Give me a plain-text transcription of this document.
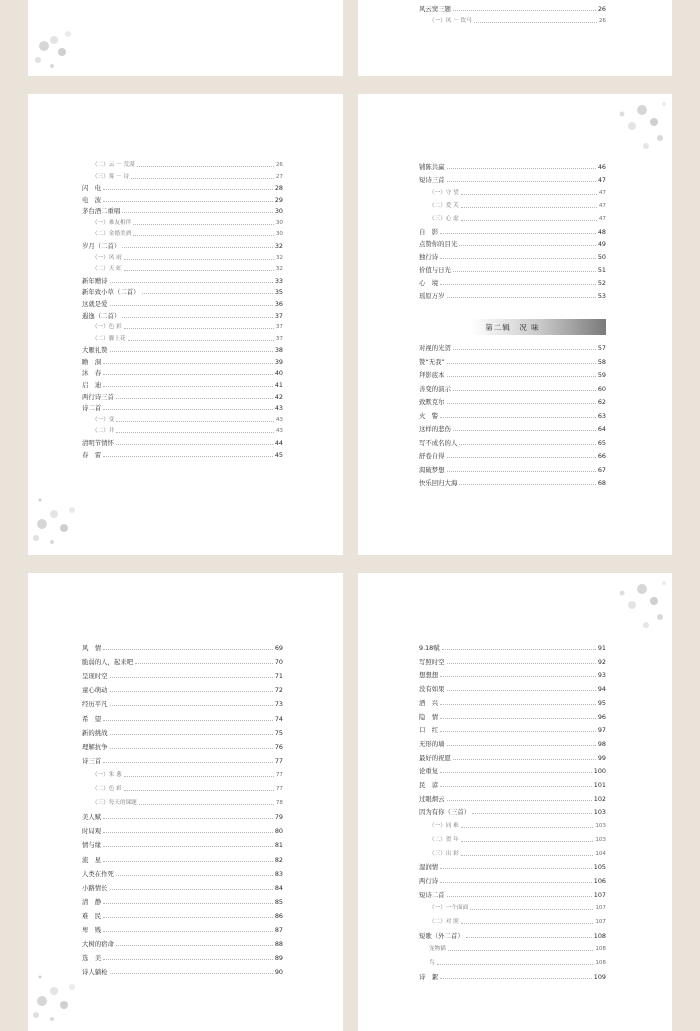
风云窦三题	26
（一）风 － 饮马	26
（二）云 － 荒漠	26
（三）雾 － 诗	27
闪　电	28
电　波	29
茅台酒二重唱	30
（一）难友相伴	30
（二）金婚美酒	30
岁月（二首）	32
（一）风 雨	32
（二）天 虹	32
新年赠诗	33
新年致小草（二首）	35
这就是爱	36
遐逸（二首）	37
（一）色 彩	37
（二）脚上花	37
大雁礼赞	38
瞻　洞	39
沐　春	40
启　迪	41
两行诗三首	42
诗二首	43
（一）变	43
（二）井	43
清明节情怀	44
春　雷	45
铺陈共赢	46
短诗三首	47
（一）守 望	47
（二）爱 芙	47
（三）心 虚	47
自　影	48
点赞你的目光	49
独行诗	50
价值与日光	51
心　境	52
瑶原万岁	53
第二辑　况 味
对视的光贺	57
赞“无我”	58
拜影底本	59
善变的演示	60
致默克尔	62
火　警	63
这样的悲伤	64
写不成名的人	65
舒卷自得	66
渴破梦想	67
快乐回归大海	68
风　情	69
脆弱的人，起来吧	70
呈现时空	71
童心萌动	72
经历平凡	73
希　望	74
新的挑战	75
理解抗争	76
诗三首	77
（一）朱 葱	77
（二）色 彩	77
（三）每天的课题	78
美人赋	79
时局观	80
情与缘	81
流　星	82
人类在作死	83
小路情长	84
清　静	85
难　民	86
卑　贱	87
大树的宿命	88
选　美	89
诗人躺枪	90
9.18赋	91
写照时空	92
想想想	93
没有如果	94
酒　兴	95
隐　情	96
口　红	97
无形的墙	98
最好的祝愿	99
论重复	100
民　谚	101
过眼烟云	102
因为有你（三首）	103
（一）同 难	103
（二）贺 年	103
（三）出 彩	104
湿润情	105
两行诗	106
短诗二首	107
（一）一个面面	107
（二）对 照	107
短歌（外二首）	108
宠物猫	108
鸟	108
诗　絮	109
